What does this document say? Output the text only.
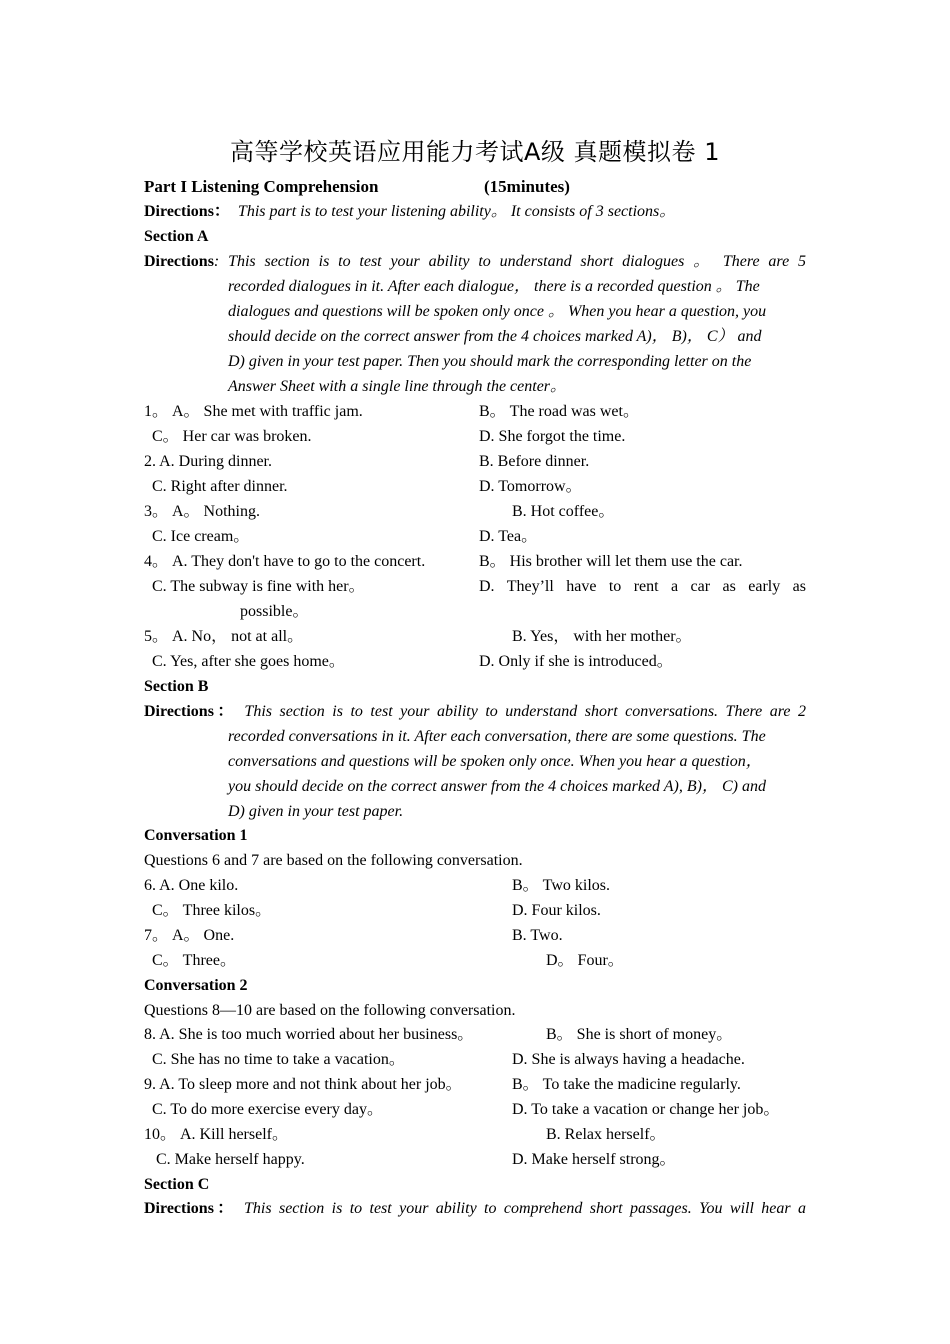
高等学校英语应用能力考试A级 真题模拟卷 1
Part I Listening Comprehension	(15minutes)
Directions： This part is to test your listening ability。 It consists of 3 sections。
Section A
Directions: This section is to test your ability to understand short dialogues 。 There are 5
recorded dialogues in it. After each dialogue， there is a recorded question 。 The
dialogues and questions will be spoken only once 。 When you hear a question, you
should decide on the correct answer from the 4 choices marked A)， B)， C） and
D) given in your test paper. Then you should mark the corresponding letter on the
Answer Sheet with a single line through the center。
1。 A。 She met with traffic jam.	B。 The road was wet。
C。 Her car was broken.	D. She forgot the time.
2. A. During dinner.	B. Before dinner.
C. Right after dinner.	D. Tomorrow。
3。 A。 Nothing.	B. Hot coffee。
C. Ice cream。	D. Tea。
4。 A. They don't have to go to the concert.	B。 His brother will let them use the car.
C. The subway is fine with her。	D. They’ll have to rent a car as early as
possible。
5。 A. No， not at all。	B. Yes， with her mother。
C. Yes, after she goes home。	D. Only if she is introduced。
Section B
Directions： This section is to test your ability to understand short conversations. There are 2
recorded conversations in it. After each conversation, there are some questions. The
conversations and questions will be spoken only once. When you hear a question，
you should decide on the correct answer from the 4 choices marked A), B)， C) and
D) given in your test paper.
Conversation 1
Questions 6 and 7 are based on the following conversation.
6. A. One kilo.	B。 Two kilos.
C。 Three kilos。	D. Four kilos.
7。 A。 One.	B. Two.
C。 Three。	D。 Four。
Conversation 2
Questions 8—10 are based on the following conversation.
8. A. She is too much worried about her business。	B。 She is short of money。
C. She has no time to take a vacation。	D. She is always having a headache.
9. A. To sleep more and not think about her job。	B。 To take the madicine regularly.
C. To do more exercise every day。	D. To take a vacation or change her job。
10。 A. Kill herself。	B. Relax herself。
C. Make herself happy.	D. Make herself strong。
Section C
Directions： This section is to test your ability to comprehend short passages. You will hear a
